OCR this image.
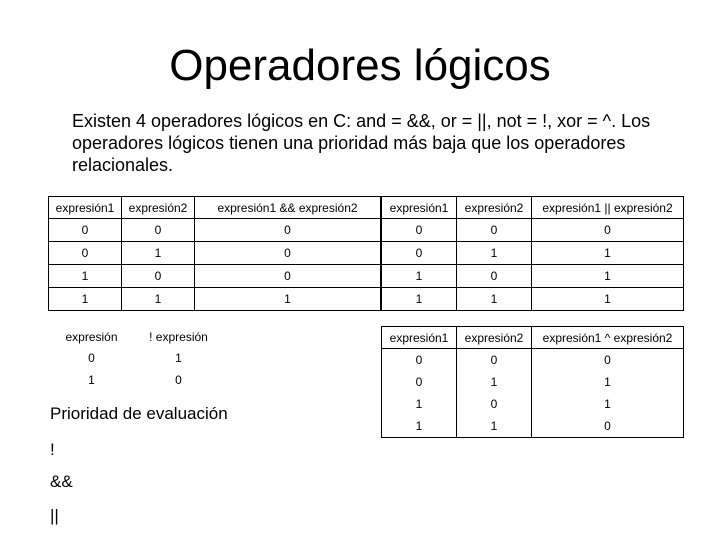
Operadores lógicos
Existen 4 operadores lógicos en C: and = &&, or = ||, not = !, xor = ^. Los operadores lógicos tienen una prioridad más baja que los operadores relacionales.
expresión1	expresión2	expresión1 && expresión2
0	0	0
0	1	0
1	0	0
1	1	1
expresión1	expresión2	expresión1 || expresión2
0	0	0
0	1	1
1	0	1
1	1	1
expresión	! expresión
0	1
1	0
expresión1	expresión2	expresión1 ^ expresión2
0	0	0
0	1	1
1	0	1
1	1	0
Prioridad de evaluación
!
&&
||
